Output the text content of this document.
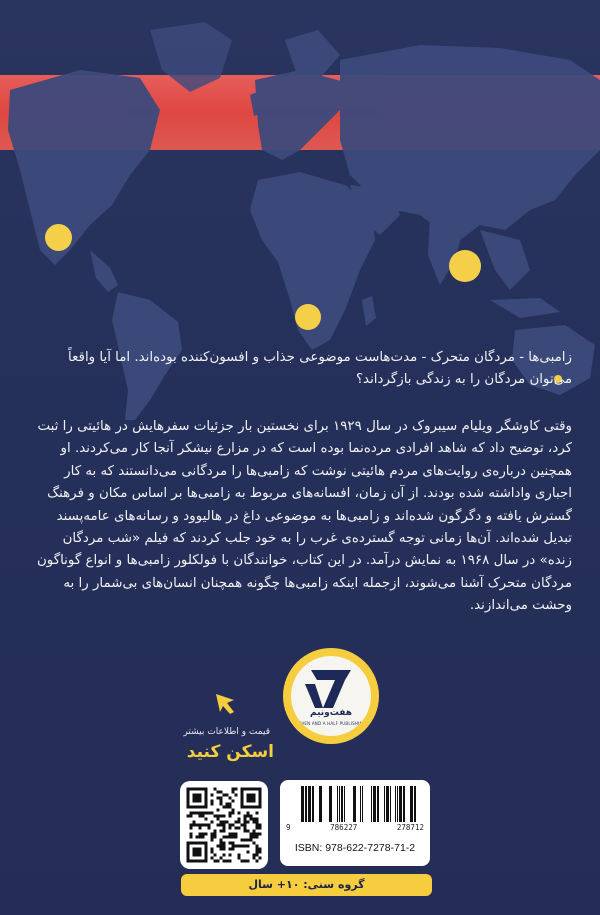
زامبی‌ها - مردگان متحرک - مدت‌هاست موضوعی جذاب و افسون‌کننده بوده‌اند. اما آیا واقعاً می‌توان مردگان را به زندگی بازگرداند؟
وقتی کاوشگر ویلیام سیبروک در سال ۱۹۲۹ برای نخستین بار جزئیات سفرهایش در هائیتی را ثبت کرد، توضیح داد که شاهد افرادی مرده‌نما بوده است که در مزارع نیشکر آنجا کار می‌کردند. او همچنین درباره‌ی روایت‌های مردم هائیتی نوشت که زامبی‌ها را مردگانی می‌دانستند که به کار اجباری واداشته شده بودند. از آن زمان، افسانه‌های مربوط به زامبی‌ها بر اساس مکان و فرهنگ گسترش یافته و دگرگون شده‌اند و زامبی‌ها به موضوعی داغ در هالیوود و رسانه‌های عامه‌پسند تبدیل شده‌اند. آن‌ها زمانی توجه گسترده‌ی غرب را به خود جلب کردند که فیلم «شب مردگان زنده» در سال ۱۹۶۸ به نمایش درآمد. در این کتاب، خوانندگان با فولکلور زامبی‌ها و انواع گوناگون مردگان متحرک آشنا می‌شوند، ازجمله اینکه زامبی‌ها چگونه همچنان انسان‌های بی‌شمار را به وحشت می‌اندازند.
هفت‌ونیم
SEVEN AND A HALF PUBLISHING
قیمت و اطلاعات بیشتر
اسکن کنید
9	786227	278712
ISBN: 978-622-7278-71-2
گروه سنی: ۱۰+ سال
